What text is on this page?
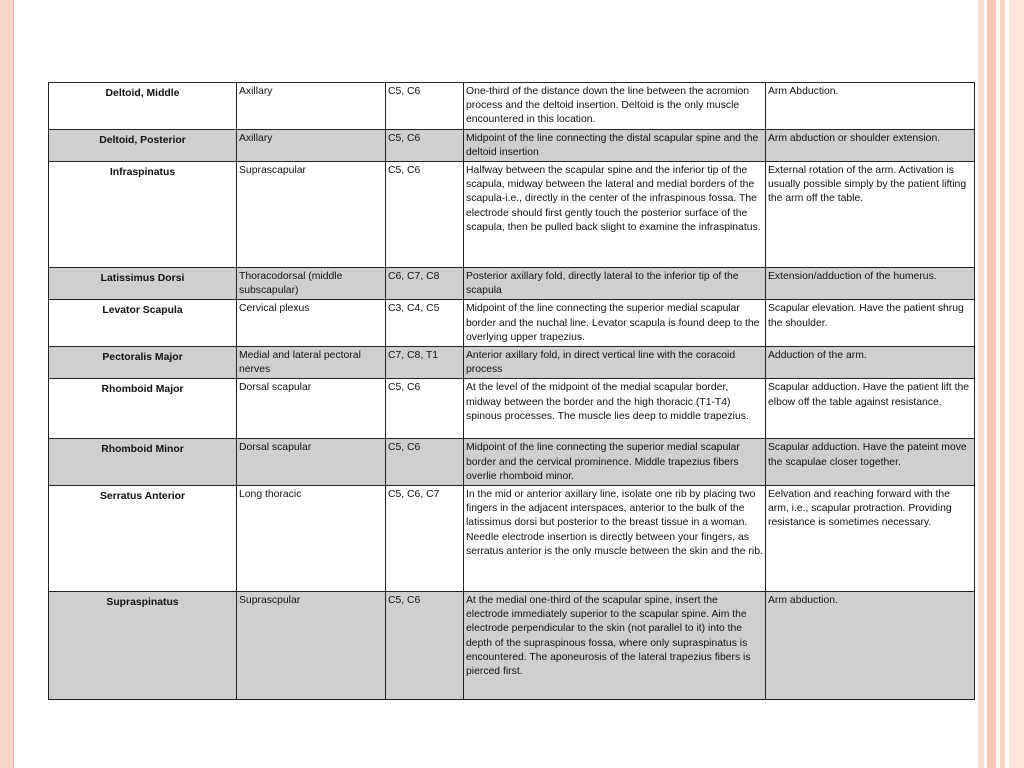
Deltoid, Middle	Axillary	C5, C6	One-third of the distance down the line between the acromion process and the deltoid insertion. Deltoid is the only muscle encountered in this location.	Arm Abduction.
Deltoid, Posterior	Axillary	C5, C6	Midpoint of the line connecting the distal scapular spine and the deltoid insertion	Arm abduction or shoulder extension.
Infraspinatus	Suprascapular	C5, C6	Halfway between the scapular spine and the inferior tip of the scapula, midway between the lateral and medial borders of the scapula-i.e., directly in the center of the infraspinous fossa. The electrode should first gently touch the posterior surface of the scapula, then be pulled back slight to examine the infraspinatus.	External rotation of the arm. Activation is usually possible simply by the patient lifting the arm off the table.
Latissimus Dorsi	Thoracodorsal (middle subscapular)	C6, C7, C8	Posterior axillary fold, directly lateral to the inferior tip of the scapula	Extension/adduction of the humerus.
Levator Scapula	Cervical plexus	C3, C4, C5	Midpoint of the line connecting the superior medial scapular border and the nuchal line. Levator scapula is found deep to the overlying upper trapezius.	Scapular elevation. Have the patient shrug the shoulder.
Pectoralis Major	Medial and lateral pectoral nerves	C7, C8, T1	Anterior axillary fold, in direct vertical line with the coracoid process	Adduction of the arm.
Rhomboid Major	Dorsal scapular	C5, C6	At the level of the midpoint of the medial scapular border, midway between the border and the high thoracic (T1-T4) spinous processes. The muscle lies deep to middle trapezius.	Scapular adduction. Have the patient lift the elbow off the table against resistance.
Rhomboid Minor	Dorsal scapular	C5, C6	Midpoint of the line connecting the superior medial scapular border and the cervical prominence. Middle trapezius fibers overlie rhomboid minor.	Scapular adduction. Have the pateint move the scapulae closer together.
Serratus Anterior	Long thoracic	C5, C6, C7	In the mid or anterior axillary line, isolate one rib by placing two fingers in the adjacent interspaces, anterior to the bulk of the latissimus dorsi but posterior to the breast tissue in a woman. Needle electrode insertion is directly between your fingers, as serratus anterior is the only muscle between the skin and the rib.	Eelvation and reaching forward with the arm, i.e., scapular protraction. Providing resistance is sometimes necessary.
Supraspinatus	Suprascpular	C5, C6	At the medial one-third of the scapular spine, insert the electrode immediately superior to the scapular spine. Aim the electrode perpendicular to the skin (not parallel to it) into the depth of the supraspinous fossa, where only supraspinatus is encountered. The aponeurosis of the lateral trapezius fibers is pierced first.	Arm abduction.
